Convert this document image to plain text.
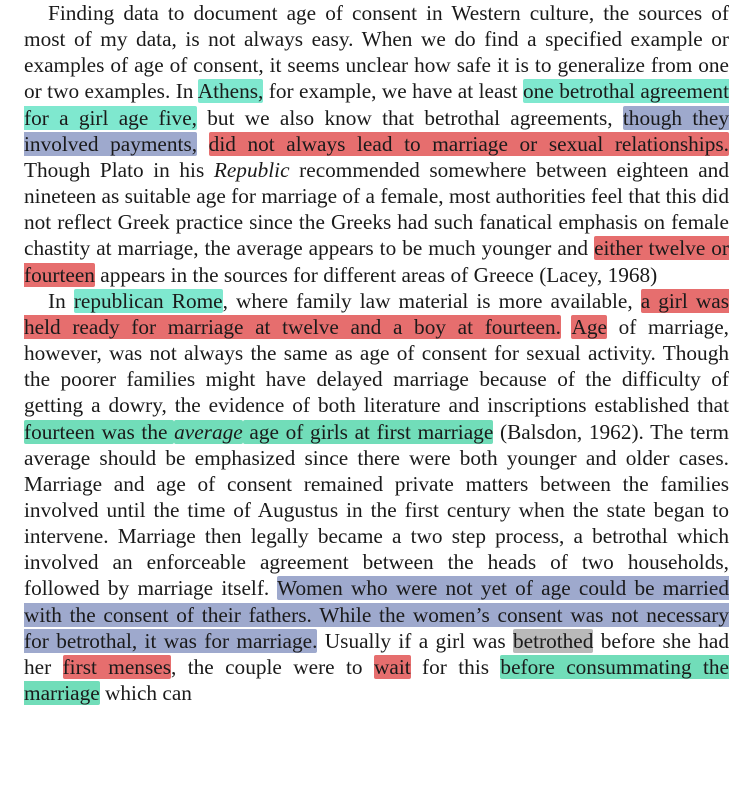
Finding data to document age of consent in Western culture, the sources of most of my data, is not always easy. When we do find a specified example or examples of age of consent, it seems unclear how safe it is to generalize from one or two examples. In Athens, for example, we have at least one betrothal agreement for a girl age five, but we also know that betrothal agreements, though they involved payments, did not always lead to marriage or sexual relationships. Though Plato in his Republic recommended somewhere between eighteen and nineteen as suitable age for marriage of a female, most authorities feel that this did not reflect Greek practice since the Greeks had such fanatical emphasis on female chastity at marriage, the average appears to be much younger and either twelve or fourteen appears in the sources for different areas of Greece (Lacey, 1968)

In republican Rome, where family law material is more available, a girl was held ready for marriage at twelve and a boy at fourteen. Age of marriage, however, was not always the same as age of consent for sexual activity. Though the poorer families might have delayed marriage because of the difficulty of getting a dowry, the evidence of both literature and inscriptions established that fourteen was the average age of girls at first marriage (Balsdon, 1962). The term average should be emphasized since there were both younger and older cases. Marriage and age of consent remained private matters between the families involved until the time of Augustus in the first century when the state began to intervene. Marriage then legally became a two step process, a betrothal which involved an enforceable agreement between the heads of two households, followed by marriage itself. Women who were not yet of age could be married with the consent of their fathers. While the women’s consent was not necessary for betrothal, it was for marriage. Usually if a girl was betrothed before she had her first menses, the couple were to wait for this before consummating the marriage which can
